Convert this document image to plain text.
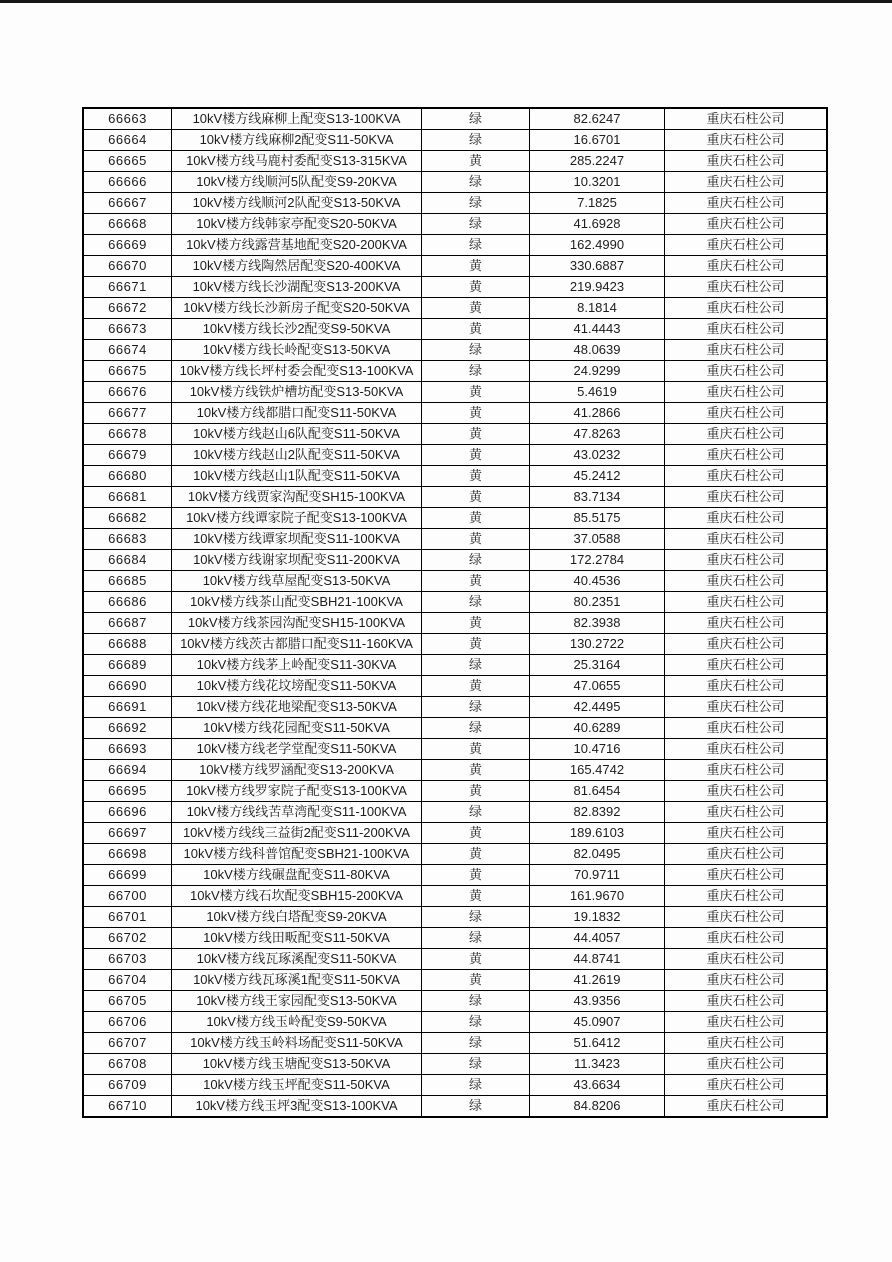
66663	10kV楼方线麻柳上配变S13-100KVA	绿	82.6247	重庆石柱公司
66664	10kV楼方线麻柳2配变S11-50KVA	绿	16.6701	重庆石柱公司
66665	10kV楼方线马鹿村委配变S13-315KVA	黄	285.2247	重庆石柱公司
66666	10kV楼方线顺河5队配变S9-20KVA	绿	10.3201	重庆石柱公司
66667	10kV楼方线顺河2队配变S13-50KVA	绿	7.1825	重庆石柱公司
66668	10kV楼方线韩家亭配变S20-50KVA	绿	41.6928	重庆石柱公司
66669	10kV楼方线露营基地配变S20-200KVA	绿	162.4990	重庆石柱公司
66670	10kV楼方线陶然居配变S20-400KVA	黄	330.6887	重庆石柱公司
66671	10kV楼方线长沙湖配变S13-200KVA	黄	219.9423	重庆石柱公司
66672	10kV楼方线长沙新房子配变S20-50KVA	黄	8.1814	重庆石柱公司
66673	10kV楼方线长沙2配变S9-50KVA	黄	41.4443	重庆石柱公司
66674	10kV楼方线长岭配变S13-50KVA	绿	48.0639	重庆石柱公司
66675	10kV楼方线长坪村委会配变S13-100KVA	绿	24.9299	重庆石柱公司
66676	10kV楼方线铁炉槽坊配变S13-50KVA	黄	5.4619	重庆石柱公司
66677	10kV楼方线都腊口配变S11-50KVA	黄	41.2866	重庆石柱公司
66678	10kV楼方线赵山6队配变S11-50KVA	黄	47.8263	重庆石柱公司
66679	10kV楼方线赵山2队配变S11-50KVA	黄	43.0232	重庆石柱公司
66680	10kV楼方线赵山1队配变S11-50KVA	黄	45.2412	重庆石柱公司
66681	10kV楼方线贾家沟配变SH15-100KVA	黄	83.7134	重庆石柱公司
66682	10kV楼方线谭家院子配变S13-100KVA	黄	85.5175	重庆石柱公司
66683	10kV楼方线谭家坝配变S11-100KVA	黄	37.0588	重庆石柱公司
66684	10kV楼方线谢家坝配变S11-200KVA	绿	172.2784	重庆石柱公司
66685	10kV楼方线草屋配变S13-50KVA	黄	40.4536	重庆石柱公司
66686	10kV楼方线茶山配变SBH21-100KVA	绿	80.2351	重庆石柱公司
66687	10kV楼方线茶园沟配变SH15-100KVA	黄	82.3938	重庆石柱公司
66688	10kV楼方线茨古都腊口配变S11-160KVA	黄	130.2722	重庆石柱公司
66689	10kV楼方线茅上岭配变S11-30KVA	绿	25.3164	重庆石柱公司
66690	10kV楼方线花坟塝配变S11-50KVA	黄	47.0655	重庆石柱公司
66691	10kV楼方线花地梁配变S13-50KVA	绿	42.4495	重庆石柱公司
66692	10kV楼方线花园配变S11-50KVA	绿	40.6289	重庆石柱公司
66693	10kV楼方线老学堂配变S11-50KVA	黄	10.4716	重庆石柱公司
66694	10kV楼方线罗涵配变S13-200KVA	黄	165.4742	重庆石柱公司
66695	10kV楼方线罗家院子配变S13-100KVA	黄	81.6454	重庆石柱公司
66696	10kV楼方线线苦草湾配变S11-100KVA	绿	82.8392	重庆石柱公司
66697	10kV楼方线线三益街2配变S11-200KVA	黄	189.6103	重庆石柱公司
66698	10kV楼方线科普馆配变SBH21-100KVA	黄	82.0495	重庆石柱公司
66699	10kV楼方线碾盘配变S11-80KVA	黄	70.9711	重庆石柱公司
66700	10kV楼方线石坎配变SBH15-200KVA	黄	161.9670	重庆石柱公司
66701	10kV楼方线白塔配变S9-20KVA	绿	19.1832	重庆石柱公司
66702	10kV楼方线田畈配变S11-50KVA	绿	44.4057	重庆石柱公司
66703	10kV楼方线瓦琢溪配变S11-50KVA	黄	44.8741	重庆石柱公司
66704	10kV楼方线瓦琢溪1配变S11-50KVA	黄	41.2619	重庆石柱公司
66705	10kV楼方线王家园配变S13-50KVA	绿	43.9356	重庆石柱公司
66706	10kV楼方线玉岭配变S9-50KVA	绿	45.0907	重庆石柱公司
66707	10kV楼方线玉岭料场配变S11-50KVA	绿	51.6412	重庆石柱公司
66708	10kV楼方线玉塘配变S13-50KVA	绿	11.3423	重庆石柱公司
66709	10kV楼方线玉坪配变S11-50KVA	绿	43.6634	重庆石柱公司
66710	10kV楼方线玉坪3配变S13-100KVA	绿	84.8206	重庆石柱公司
